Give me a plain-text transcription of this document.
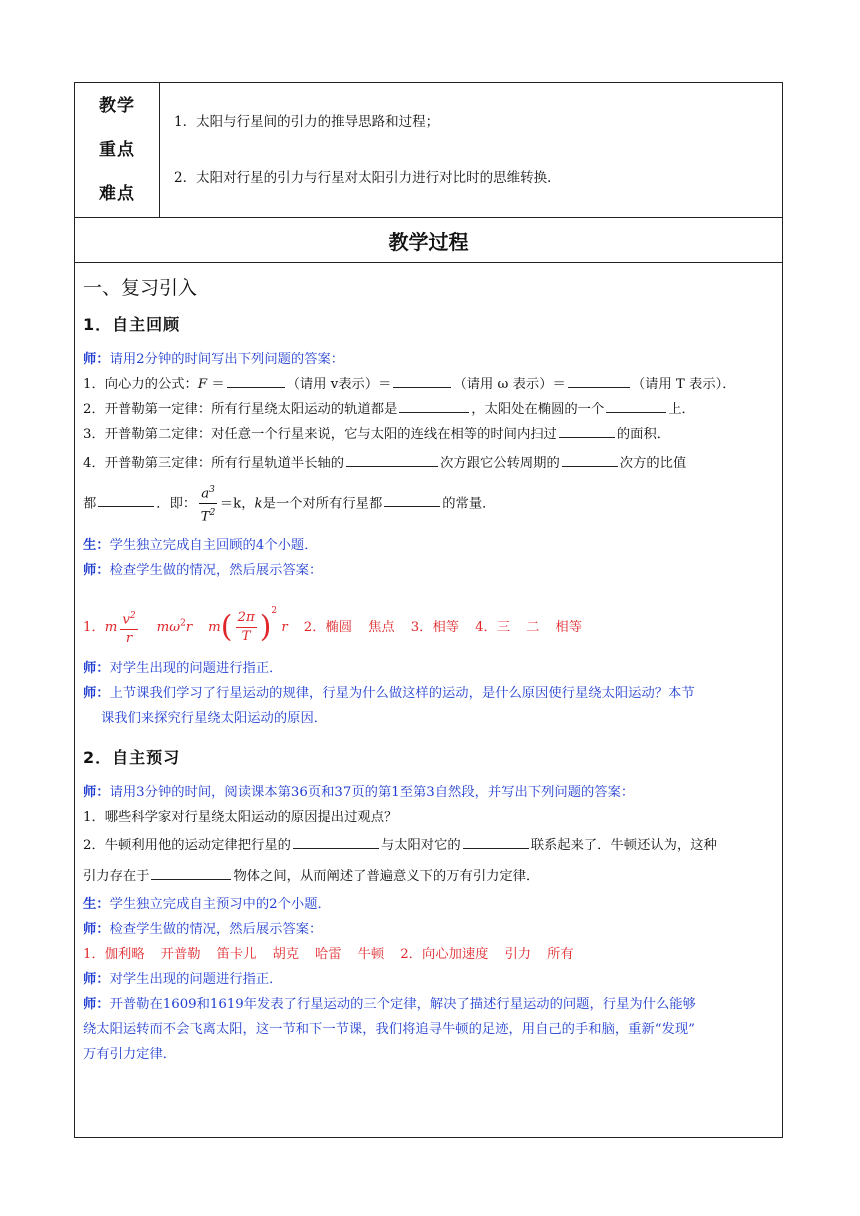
教学
重点
难点

1．太阳与行星间的引力的推导思路和过程；

2．太阳对行星的引力与行星对太阳引力进行对比时的思维转换．

教学过程

一、复习引入
1．自主回顾

师：请用2分钟的时间写出下列问题的答案：

1．向心力的公式：F ＝	（请用 v表示）＝	（请用 ω 表示）＝	（请用 T 表示）．

2．开普勒第一定律：所有行星绕太阳运动的轨道都是	，太阳处在椭圆的一个	上．

3．开普勒第二定律：对任意一个行星来说，它与太阳的连线在相等的时间内扫过	的面积．

4．开普勒第三定律：所有行星轨道半长轴的	次方跟它公转周期的	次方的比值

都	．即： $\frac{a^3}{T^2} =k$，k是一个对所有行星都	的常量．

生：学生独立完成自主回顾的4个小题．

师：检查学生做的情况，然后展示答案：

1．m $\frac{v^2}{r} m\omega^2r$ $m( \frac{2\pi}{T} )^2$ r 2．椭圆 焦点 3．相等 4．三 二 相等

师：对学生出现的问题进行指正．

师：上节课我们学习了行星运动的规律，行星为什么做这样的运动，是什么原因使行星绕太阳运动？本节

课我们来探究行星绕太阳运动的原因．

2．自主预习

师：请用3分钟的时间，阅读课本第36页和37页的第1至第3自然段，并写出下列问题的答案：

1．哪些科学家对行星绕太阳运动的原因提出过观点？

2．牛顿利用他的运动定律把行星的	与太阳对它的	联系起来了．牛顿还认为，这种

引力存在于	物体之间，从而阐述了普遍意义下的万有引力定律．

生：学生独立完成自主预习中的2个小题．

师：检查学生做的情况，然后展示答案：

1．伽利略 开普勒 笛卡儿 胡克 哈雷 牛顿 2．向心加速度 引力 所有

师：对学生出现的问题进行指正．

师：开普勒在1609和1619年发表了行星运动的三个定律，解决了描述行星运动的问题，行星为什么能够

绕太阳运转而不会飞离太阳，这一节和下一节课，我们将追寻牛顿的足迹，用自己的手和脑，重新“发现”

万有引力定律．
